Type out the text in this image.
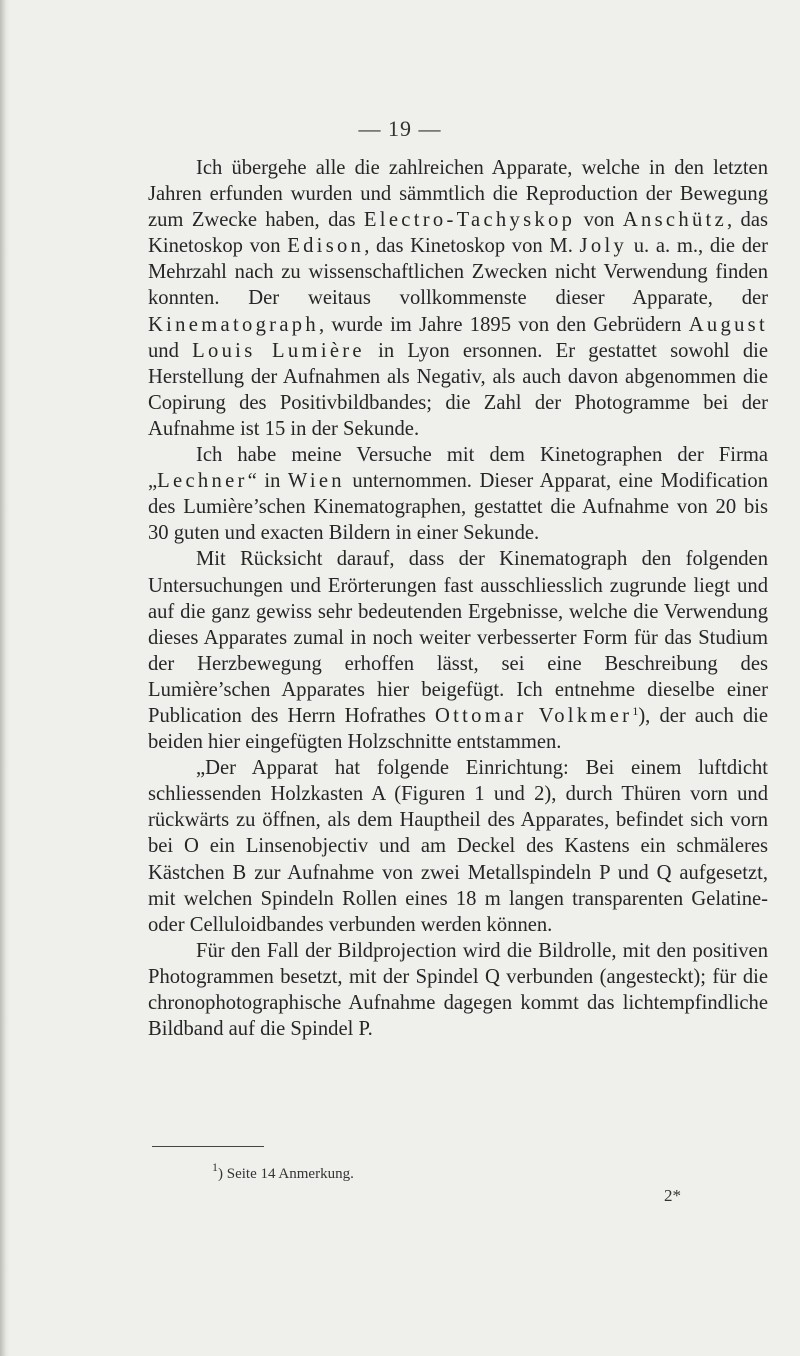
— 19 —

Ich übergehe alle die zahlreichen Apparate, welche in den letzten Jahren erfunden wurden und sämmtlich die Reproduction der Bewegung zum Zwecke haben, das Electro-Tachyskop von Anschütz, das Kinetoskop von Edison, das Kinetoskop von M. Joly u. a. m., die der Mehrzahl nach zu wissenschaftlichen Zwecken nicht Verwendung finden konnten. Der weitaus vollkommenste dieser Apparate, der Kinematograph, wurde im Jahre 1895 von den Gebrüdern August und Louis Lumière in Lyon ersonnen. Er gestattet sowohl die Herstellung der Aufnahmen als Negativ, als auch davon abgenommen die Copirung des Positivbildbandes; die Zahl der Photogramme bei der Aufnahme ist 15 in der Sekunde.

Ich habe meine Versuche mit dem Kinetographen der Firma „Lechner“ in Wien unternommen. Dieser Apparat, eine Modification des Lumière’schen Kinematographen, gestattet die Aufnahme von 20 bis 30 guten und exacten Bildern in einer Sekunde.

Mit Rücksicht darauf, dass der Kinematograph den folgenden Untersuchungen und Erörterungen fast ausschliesslich zugrunde liegt und auf die ganz gewiss sehr bedeutenden Ergebnisse, welche die Verwendung dieses Apparates zumal in noch weiter verbesserter Form für das Studium der Herzbewegung erhoffen lässt, sei eine Beschreibung des Lumière’schen Apparates hier beigefügt. Ich entnehme dieselbe einer Publication des Herrn Hofrathes Ottomar Volkmer$^1$), der auch die beiden hier eingefügten Holzschnitte entstammen.

„Der Apparat hat folgende Einrichtung: Bei einem luftdicht schliessenden Holzkasten A (Figuren 1 und 2), durch Thüren vorn und rückwärts zu öffnen, als dem Hauptheil des Apparates, befindet sich vorn bei O ein Linsenobjectiv und am Deckel des Kastens ein schmäleres Kästchen B zur Aufnahme von zwei Metallspindeln P und Q aufgesetzt, mit welchen Spindeln Rollen eines 18 m langen transparenten Gelatine- oder Celluloidbandes verbunden werden können.

Für den Fall der Bildprojection wird die Bildrolle, mit den positiven Photogrammen besetzt, mit der Spindel Q verbunden (angesteckt); für die chronophotographische Aufnahme dagegen kommt das lichtempfindliche Bildband auf die Spindel P.

$^1$) Seite 14 Anmerkung.
2*
